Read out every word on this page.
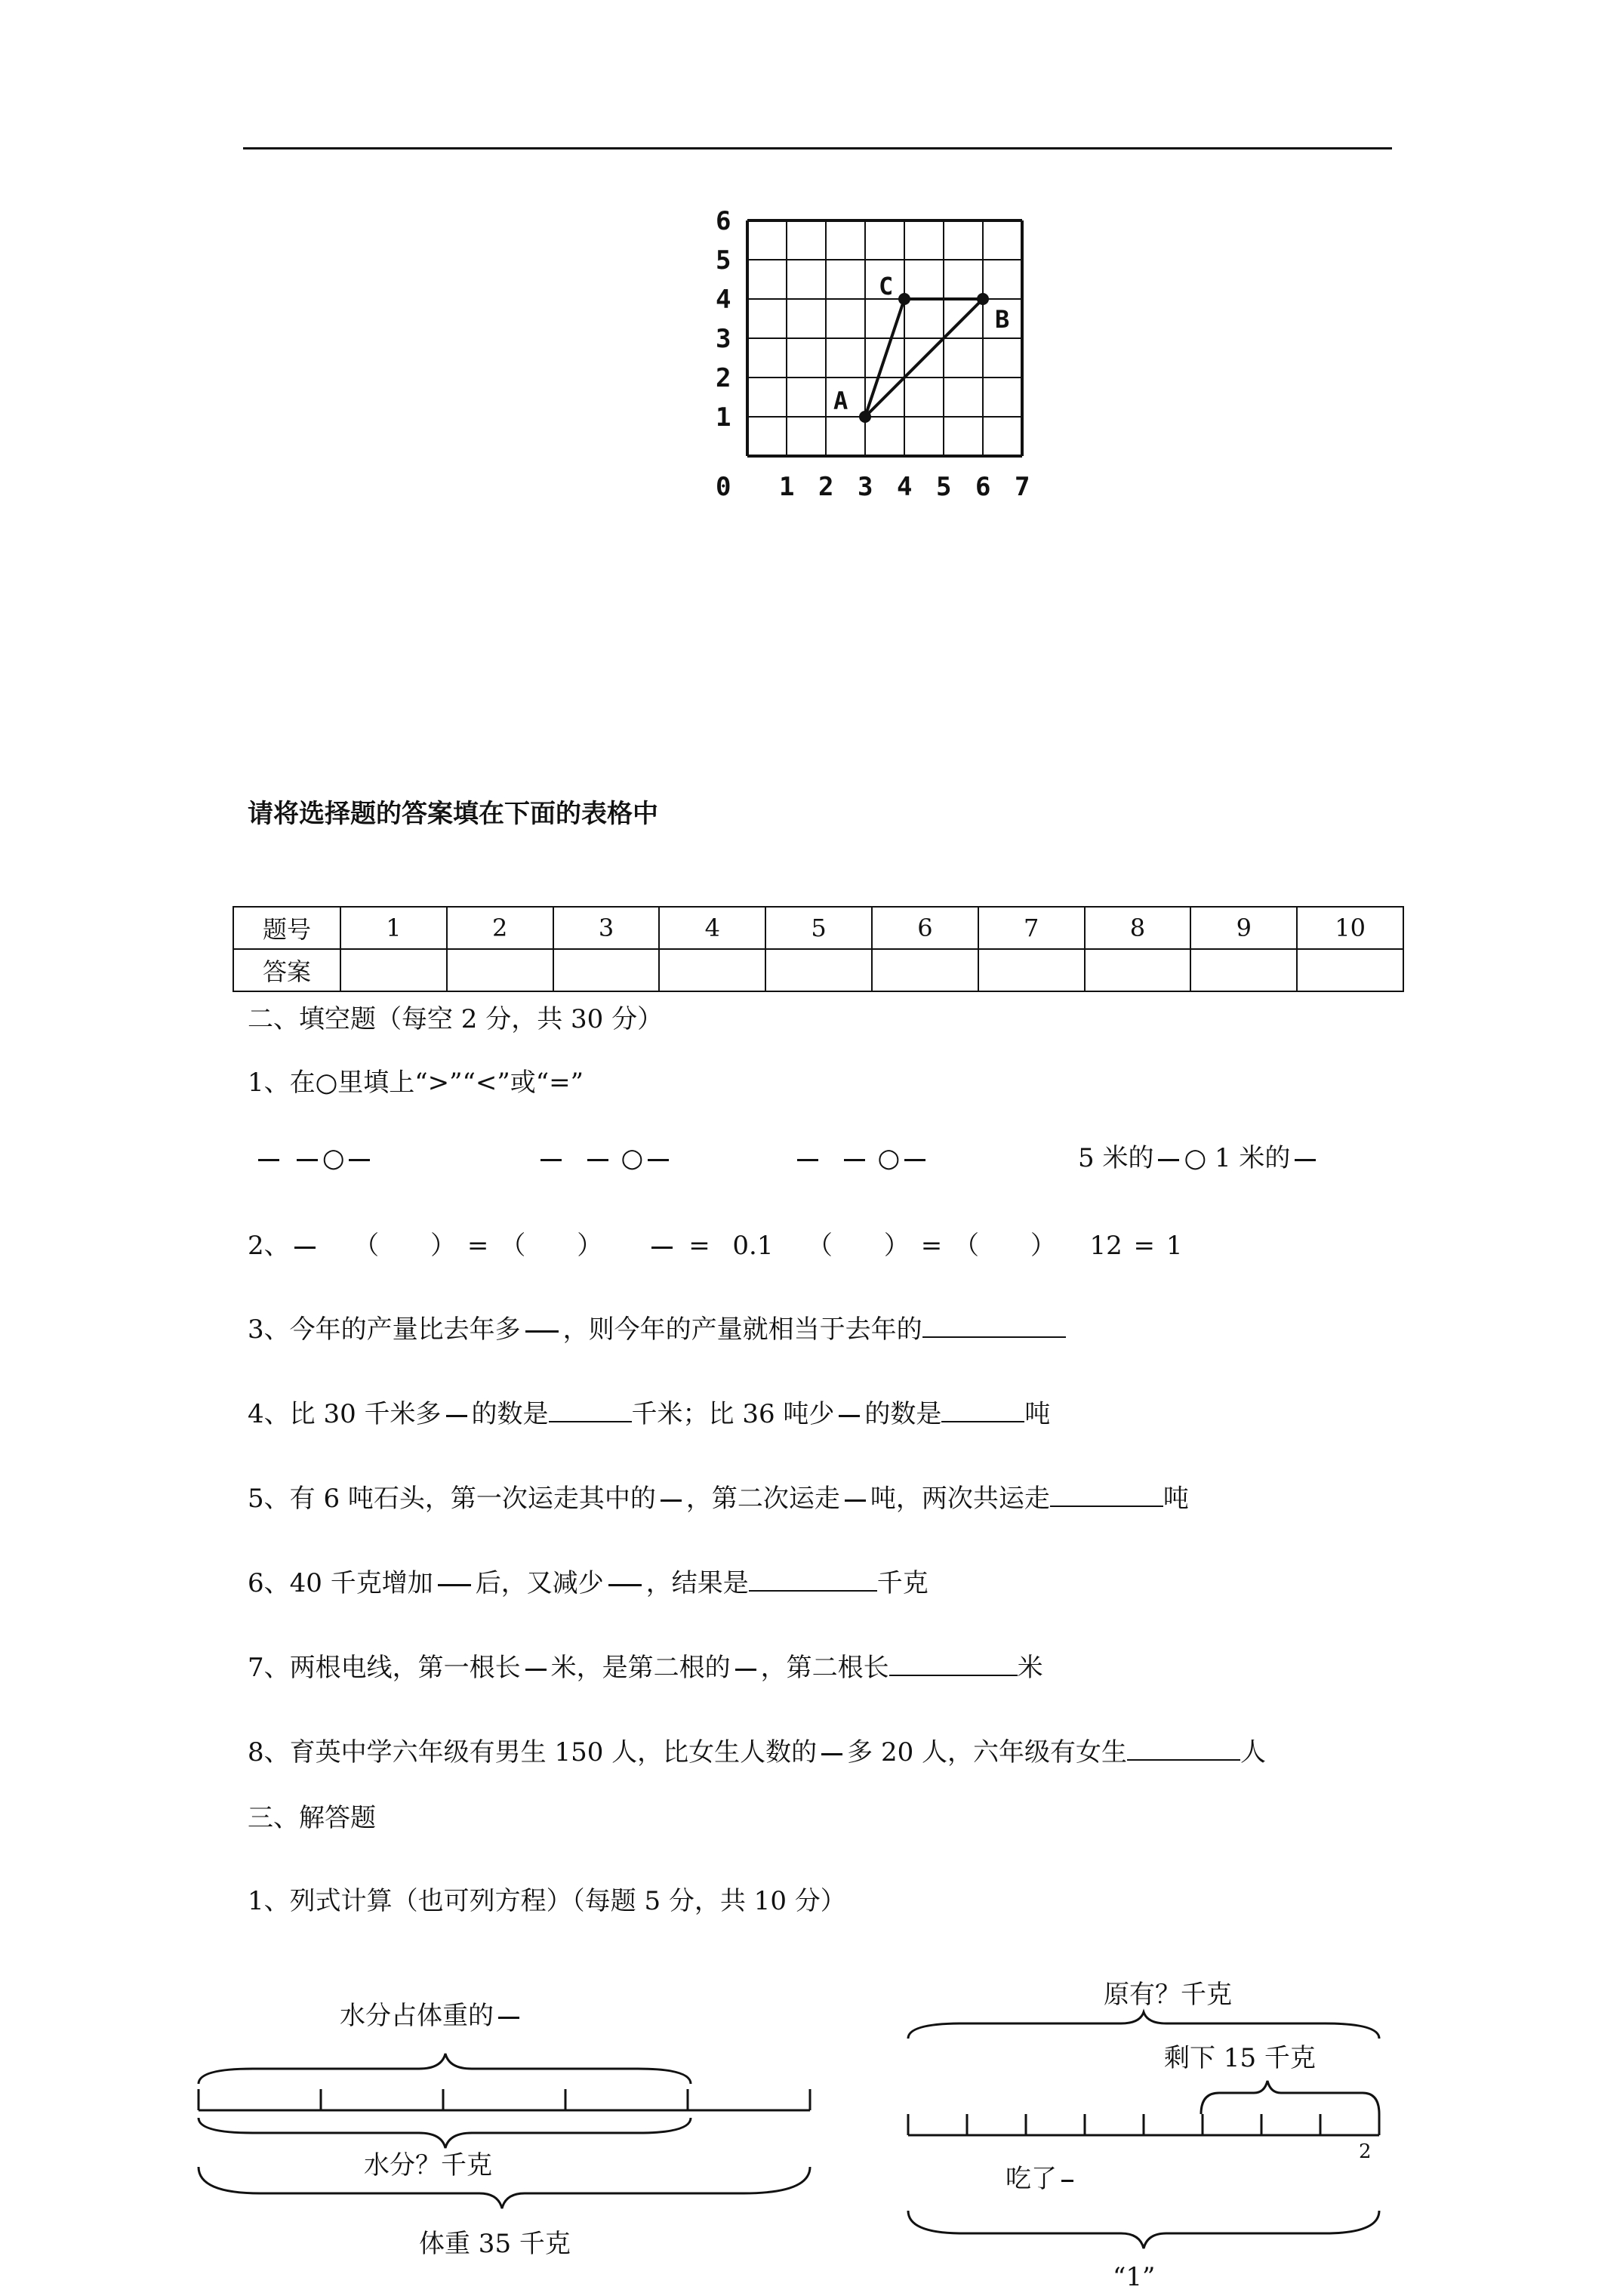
6
5
4
3
2
1
0 1 2 3 4 5 6 7
A
B
C
请将选择题的答案填在下面的表格中
题号	1	2	3	4	5	6	7	8	9	10
答案										
二、填空题（每空 2 分，共 30 分）
1、在○里填上“>”“<”或“=”
○	○	○	5 米的 ○ 1 米的
2、 （　　） = （　　）	= 0.1 （　　） = （　　） 12 = 1
3、今年的产量比去年多 ，则今年的产量就相当于去年的
4、比 30 千米多 的数是	千米；比 36 吨少 的数是	吨
5、有 6 吨石头，第一次运走其中的 ，第二次运走 吨，两次共运走	吨
6、40 千克增加 后，又减少 ，结果是	千克
7、两根电线，第一根长 米，是第二根的 ，第二根长	米
8、育英中学六年级有男生 150 人，比女生人数的 多 20 人，六年级有女生	人
三、解答题
1、列式计算（也可列方程）（每题 5 分，共 10 分）
水分占体重的
水分？千克
体重 35 千克
原有？千克
剩下 15 千克
2
吃了
“1”
